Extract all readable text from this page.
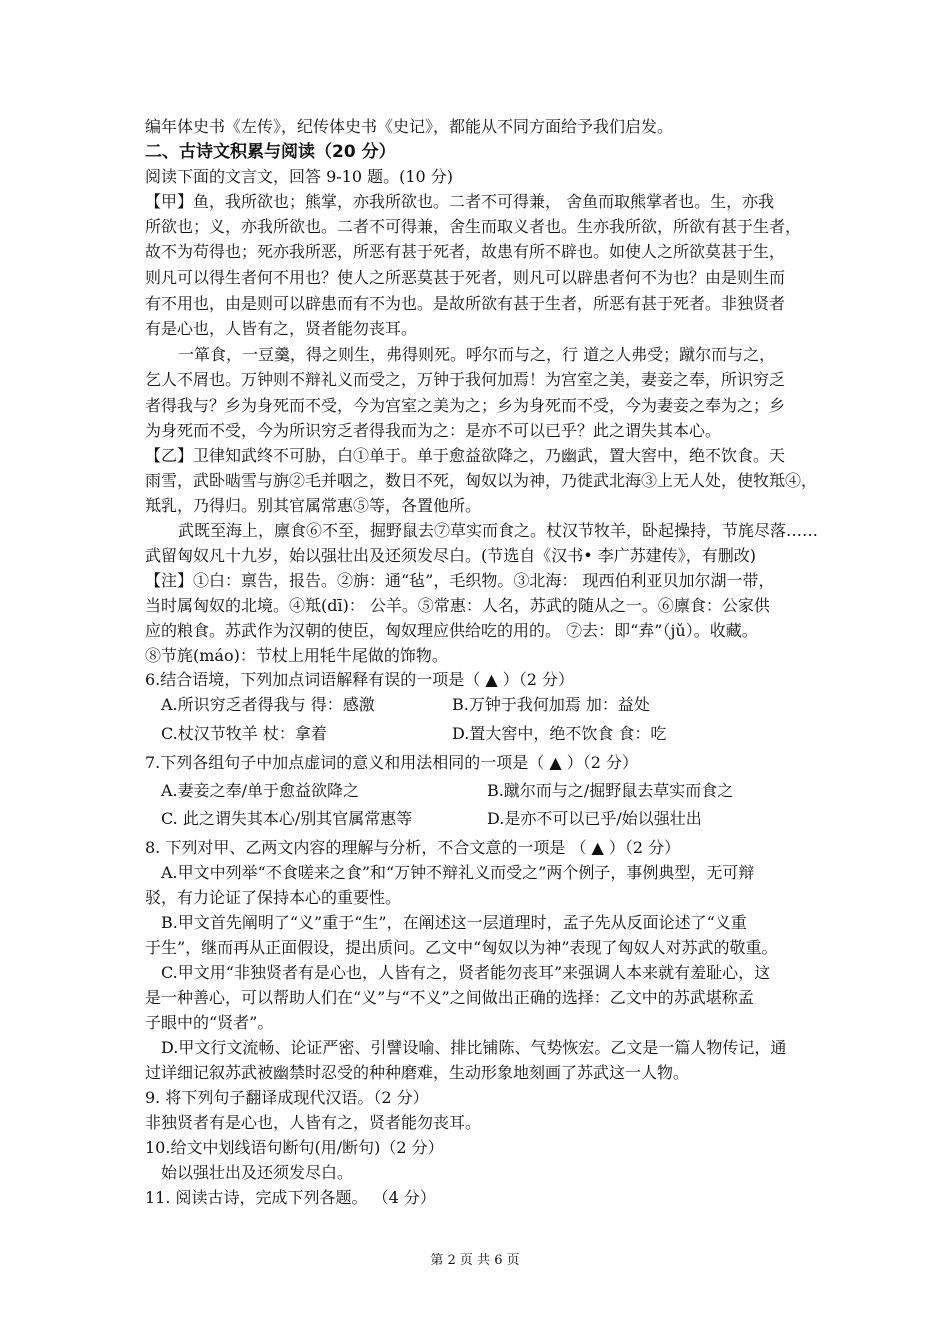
编年体史书《左传》，纪传体史书《史记》，都能从不同方面给予我们启发。
二、古诗文积累与阅读（20 分）
阅读下面的文言文，回答 9-10 题。(10 分)
【甲】鱼，我所欲也；熊掌，亦我所欲也。二者不可得兼， 舍鱼而取熊掌者也。生，亦我
所欲也；义，亦我所欲也。二者不可得兼，舍生而取义者也。生亦我所欲，所欲有甚于生者，
故不为苟得也；死亦我所恶，所恶有甚于死者，故患有所不辟也。如使人之所欲莫甚于生，
则凡可以得生者何不用也？使人之所恶莫甚于死者，则凡可以辟患者何不为也？由是则生而
有不用也，由是则可以辟患而有不为也。是故所欲有甚于生者，所恶有甚于死者。非独贤者
有是心也，人皆有之，贤者能勿丧耳。
一箪食，一豆羹，得之则生，弗得则死。呼尔而与之，行 道之人弗受；蹴尔而与之，
乞人不屑也。万钟则不辩礼义而受之，万钟于我何加焉！为宫室之美，妻妾之奉，所识穷乏
者得我与？乡为身死而不受，今为宫室之美为之；乡为身死而不受，今为妻妾之奉为之；乡
为身死而不受，今为所识穷乏者得我而为之：是亦不可以已乎？此之谓失其本心。
【乙】卫律知武终不可胁，白①单于。单于愈益欲降之，乃幽武，置大窖中，绝不饮食。天
雨雪，武卧啮雪与旃②毛并咽之，数日不死，匈奴以为神，乃徙武北海③上无人处，使牧羝④，
羝乳，乃得归。别其官属常惠⑤等，各置他所。
武既至海上，廪食⑥不至，掘野鼠去⑦草实而食之。杖汉节牧羊，卧起操持，节旄尽落……
武留匈奴凡十九岁，始以强壮出及还须发尽白。(节选自《汉书• 李广苏建传》，有删改)
【注】①白：禀告，报告。②旃：通“毡”，毛织物。③北海： 现西伯利亚贝加尔湖一带，
当时属匈奴的北境。④羝(dī)： 公羊。⑤常惠：人名，苏武的随从之一。⑥廪食：公家供
应的粮食。苏武作为汉朝的使臣，匈奴理应供给吃的用的。 ⑦去：即“弆”（jǔ）。收藏。
⑧节旄(máo)：节杖上用牦牛尾做的饰物。
6.结合语境，下列加点词语解释有误的一项是（ ▲ ）（2 分）
A.所识穷乏者得我与 得：感激	B.万钟于我何加焉 加：益处
C.杖汉节牧羊 杖：拿着	D.置大窖中，绝不饮食 食：吃
7.下列各组句子中加点虚词的意义和用法相同的一项是（ ▲ ）（2 分）
A.妻妾之奉/单于愈益欲降之	B.蹴尔而与之/掘野鼠去草实而食之
C. 此之谓失其本心/别其官属常惠等	D.是亦不可以已乎/始以强壮出
8. 下列对甲、乙两文内容的理解与分析，不合文意的一项是 （ ▲ ）（2 分）
A.甲文中列举“不食嗟来之食”和“万钟不辩礼义而受之”两个例子，事例典型，无可辩
驳，有力论证了保持本心的重要性。
B.甲文首先阐明了“义”重于“生”，在阐述这一层道理时，孟子先从反面论述了“义重
于生”，继而再从正面假设，提出质问。乙文中“匈奴以为神”表现了匈奴人对苏武的敬重。
C.甲文用“非独贤者有是心也，人皆有之，贤者能勿丧耳”来强调人本来就有羞耻心，这
是一种善心，可以帮助人们在“义”与“不义”之间做出正确的选择：乙文中的苏武堪称孟
子眼中的“贤者”。
D.甲文行文流畅、论证严密、引譬设喻、排比铺陈、气势恢宏。乙文是一篇人物传记，通
过详细记叙苏武被幽禁时忍受的种种磨难，生动形象地刻画了苏武这一人物。
9. 将下列句子翻译成现代汉语。（2 分）
非独贤者有是心也，人皆有之，贤者能勿丧耳。
10.给文中划线语句断句(用/断句)（2 分）
始以强壮出及还须发尽白。
11. 阅读古诗，完成下列各题。 （4 分）
第 2 页 共 6 页
